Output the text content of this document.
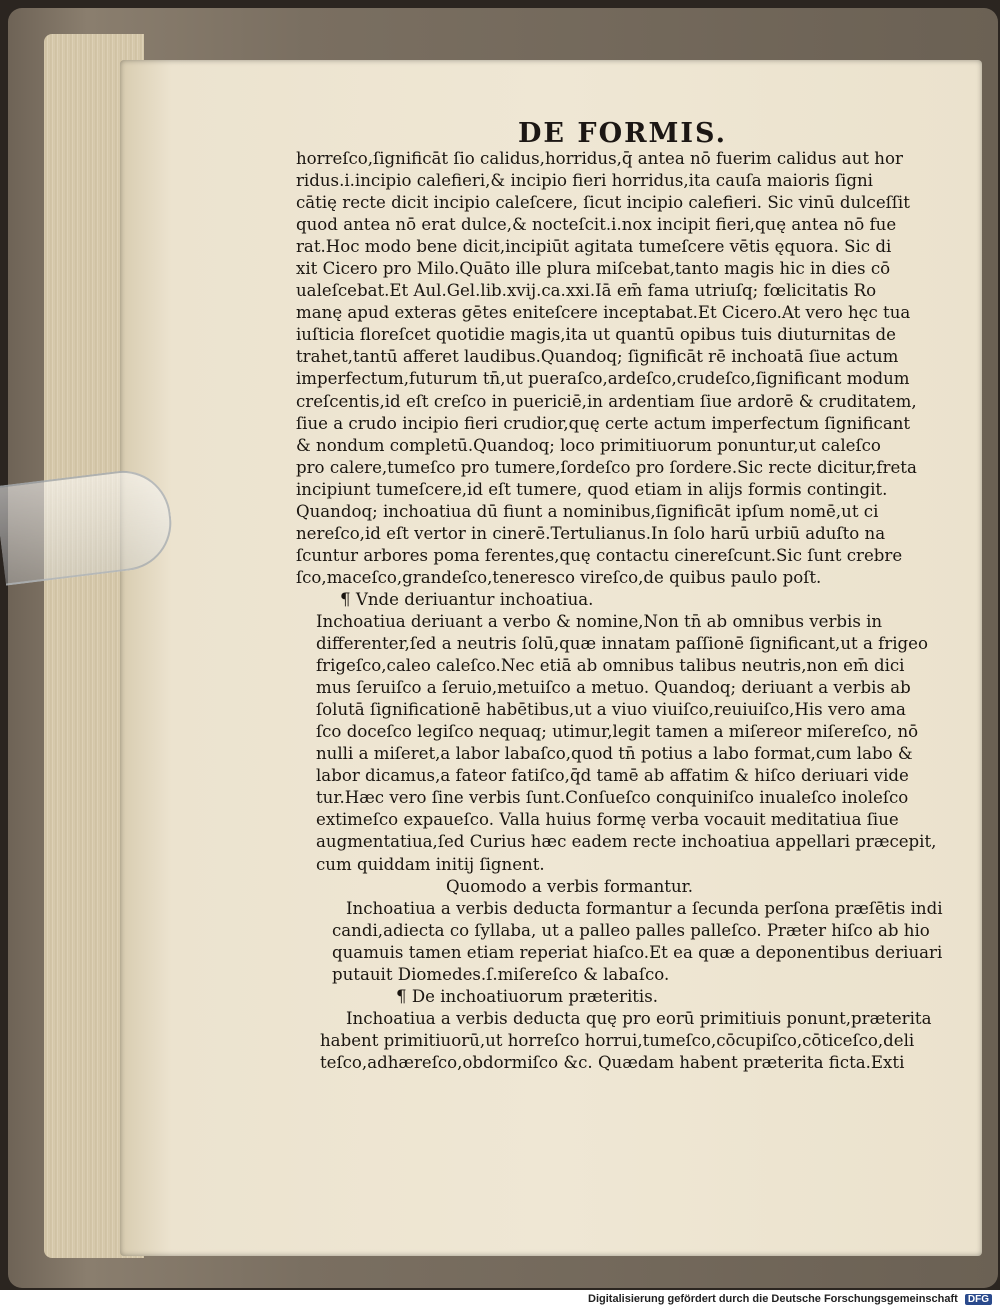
DE FORMIS.
horreſco,ſignificāt ſio calidus,horridus,q̄ antea nō fuerim calidus aut hor
ridus.i.incipio calefieri,& incipio fieri horridus,ita cauſa maioris ſigni
cātię recte dicit incipio caleſcere, ſicut incipio calefieri. Sic vinū dulceſſit
quod antea nō erat dulce,& nocteſcit.i.nox incipit fieri,quę antea nō fue
rat.Hoc modo bene dicit,incipiūt agitata tumeſcere vētis ęquora. Sic di
xit Cicero pro Milo.Quāto ille plura miſcebat,tanto magis hic in dies cō
ualeſcebat.Et Aul.Gel.lib.xvij.ca.xxi.Iā em̄ fama utriuſq; fœlicitatis Ro
manę apud exteras gētes eniteſcere inceptabat.Et Cicero.At vero hęc tua
iuſticia floreſcet quotidie magis,ita ut quantū opibus tuis diuturnitas de
trahet,tantū afferet laudibus.Quandoq; ſignificāt rē inchoatā ſiue actum
imperfectum,futurum tn̄,ut pueraſco,ardeſco,crudeſco,ſignificant modum
creſcentis,id eſt creſco in puericiē,in ardentiam ſiue ardorē & cruditatem,
ſiue a crudo incipio fieri crudior,quę certe actum imperfectum ſignificant
& nondum completū.Quandoq; loco primitiuorum ponuntur,ut caleſco
pro calere,tumeſco pro tumere,ſordeſco pro ſordere.Sic recte dicitur,freta
incipiunt tumeſcere,id eſt tumere, quod etiam in alijs formis contingit.
Quandoq; inchoatiua dū fiunt a nominibus,ſignificāt ipſum nomē,ut ci
nereſco,id eſt vertor in cinerē.Tertulianus.In ſolo harū urbiū aduſto na
ſcuntur arbores poma ferentes,quę contactu cinereſcunt.Sic ſunt crebre
ſco,maceſco,grandeſco,teneresco vireſco,de quibus paulo poſt.
¶ Vnde deriuantur inchoatiua.
Inchoatiua deriuant a verbo & nomine,Non tn̄ ab omnibus verbis in
differenter,ſed a neutris ſolū,quæ innatam paſſionē ſignificant,ut a frigeo
frigeſco,caleo caleſco.Nec etiā ab omnibus talibus neutris,non em̄ dici
mus ſeruiſco a ſeruio,metuiſco a metuo. Quandoq; deriuant a verbis ab
ſolutā ſignificationē habētibus,ut a viuo viuiſco,reuiuiſco,His vero ama
ſco doceſco legiſco nequaq; utimur,legit tamen a miſereor miſereſco, nō
nulli a miſeret,a labor labaſco,quod tn̄ potius a labo format,cum labo &
labor dicamus,a fateor fatiſco,q̄d tamē ab affatim & hiſco deriuari vide
tur.Hæc vero ſine verbis ſunt.Conſueſco conquiniſco inualeſco inoleſco
extimeſco expaueſco. Valla huius formę verba vocauit meditatiua ſiue
augmentatiua,ſed Curius hæc eadem recte inchoatiua appellari præcepit,
cum quiddam initij ſignent.
Quomodo a verbis formantur.
Inchoatiua a verbis deducta formantur a ſecunda perſona præſētis indi
candi,adiecta co ſyllaba, ut a palleo palles palleſco. Præter hiſco ab hio
quamuis tamen etiam reperiat hiaſco.Et ea quæ a deponentibus deriuari
putauit Diomedes.ſ.miſereſco & labaſco.
¶ De inchoatiuorum præteritis.
Inchoatiua a verbis deducta quę pro eorū primitiuis ponunt,præterita
habent primitiuorū,ut horreſco horrui,tumeſco,cōcupiſco,cōticeſco,deli
teſco,adhæreſco,obdormiſco &c. Quædam habent præterita ficta.Exti
Digitalisierung gefördert durch die Deutsche Forschungsgemeinschaft DFG
